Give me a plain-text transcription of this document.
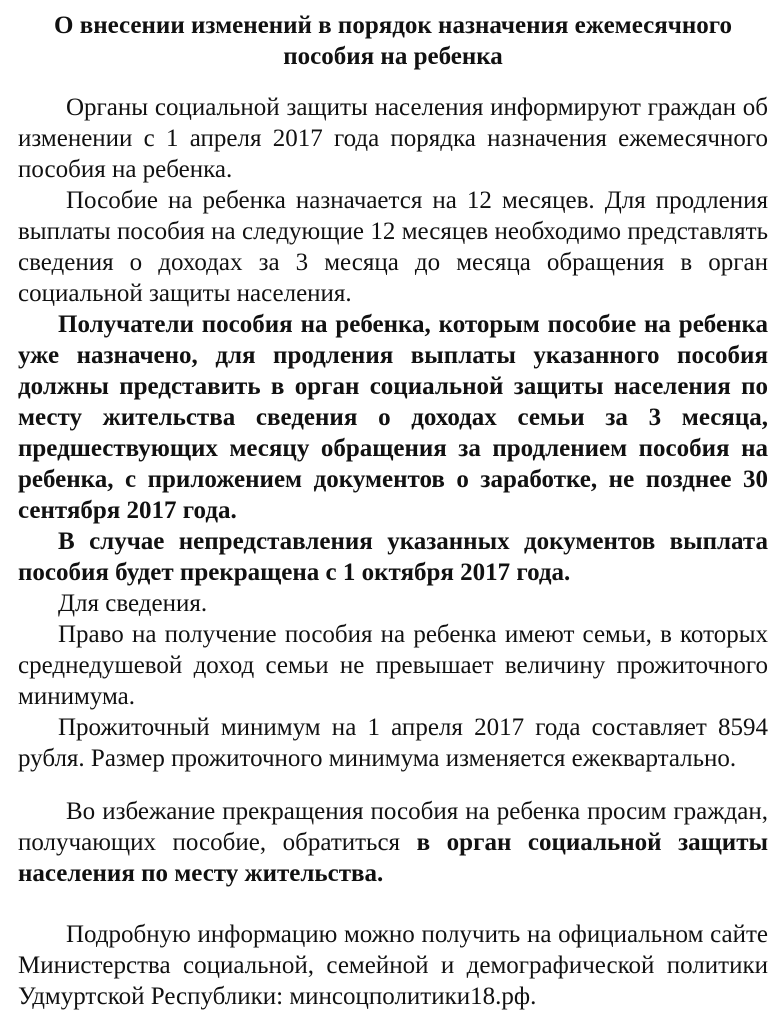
О внесении изменений в порядок назначения ежемесячного пособия на ребенка

Органы социальной защиты населения информируют граждан об изменении с 1 апреля 2017 года порядка назначения ежемесячного пособия на ребенка.

Пособие на ребенка назначается на 12 месяцев. Для продления выплаты пособия на следующие 12 месяцев необходимо представлять сведения о доходах за 3 месяца до месяца обращения в орган социальной защиты населения.

Получатели пособия на ребенка, которым пособие на ребенка уже назначено, для продления выплаты указанного пособия должны представить в орган социальной защиты населения по месту жительства сведения о доходах семьи за 3 месяца, предшествующих месяцу обращения за продлением пособия на ребенка, с приложением документов о заработке, не позднее 30 сентября 2017 года.

В случае непредставления указанных документов выплата пособия будет прекращена с 1 октября 2017 года.

Для сведения.

Право на получение пособия на ребенка имеют семьи, в которых среднедушевой доход семьи не превышает величину прожиточного минимума.

Прожиточный минимум на 1 апреля 2017 года составляет 8594 рубля. Размер прожиточного минимума изменяется ежеквартально.

Во избежание прекращения пособия на ребенка просим граждан, получающих пособие, обратиться в орган социальной защиты населения по месту жительства.

Подробную информацию можно получить на официальном сайте Министерства социальной, семейной и демографической политики Удмуртской Республики: минсоцполитики18.рф.
